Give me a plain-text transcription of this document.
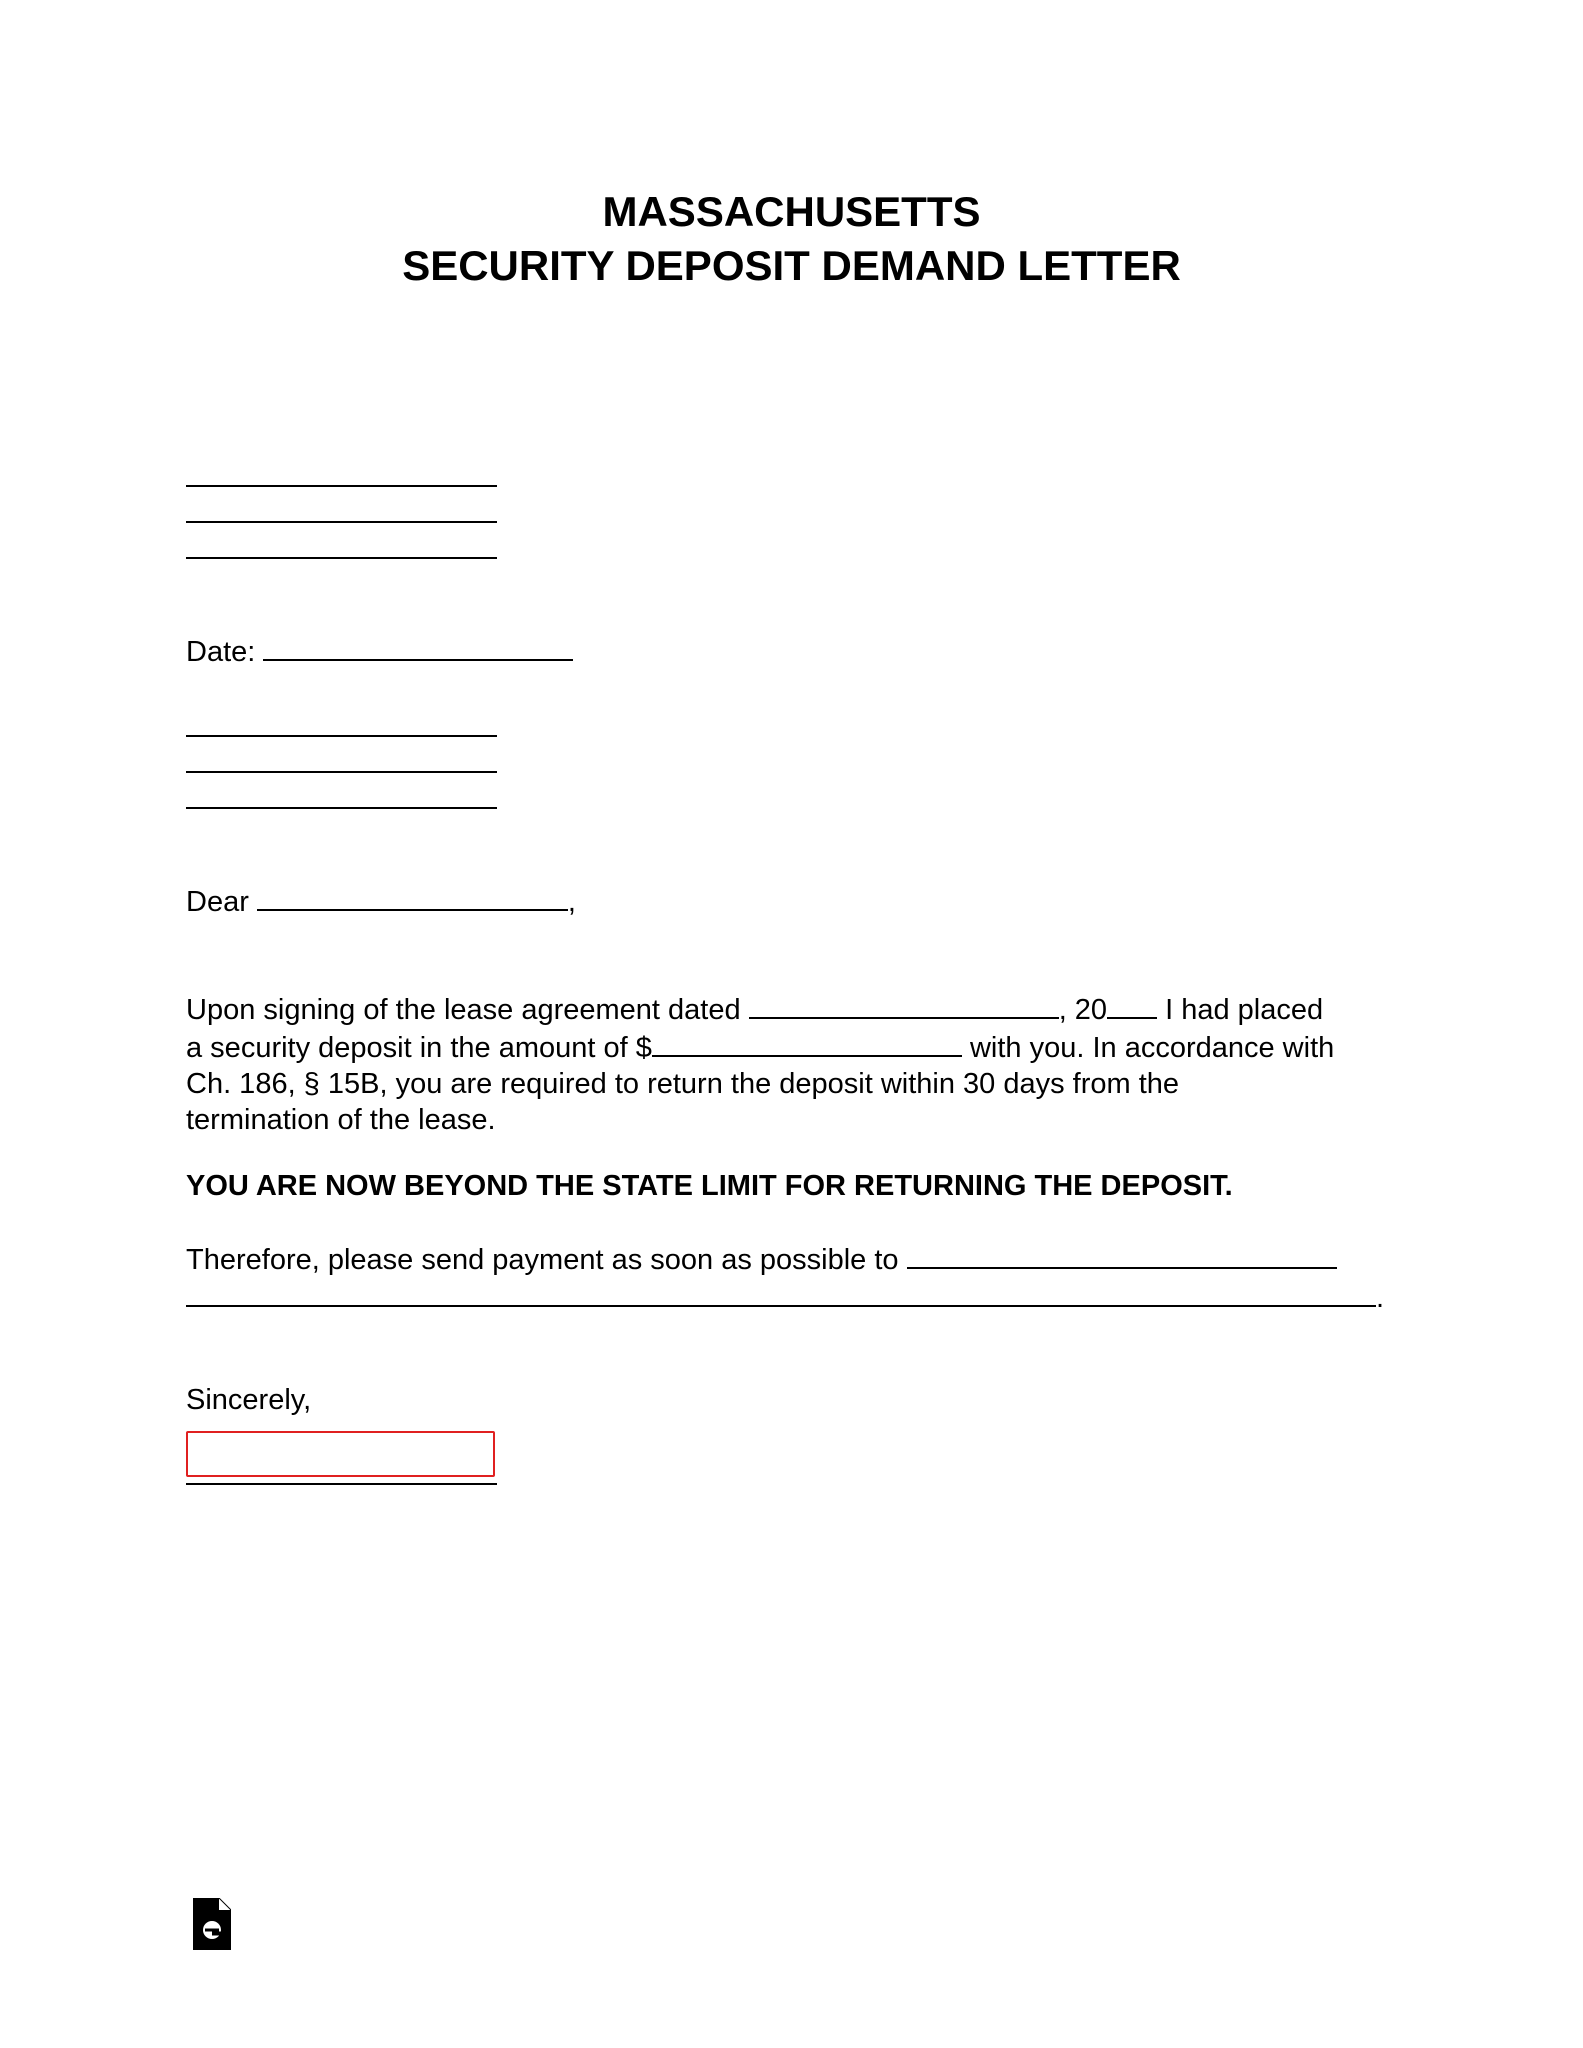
MASSACHUSETTS
SECURITY DEPOSIT DEMAND LETTER
Date:
Dear	,
Upon signing of the lease agreement dated	, 20 I had placed
a security deposit in the amount of $	with you. In accordance with
Ch. 186, § 15B, you are required to return the deposit within 30 days from the
termination of the lease.
YOU ARE NOW BEYOND THE STATE LIMIT FOR RETURNING THE DEPOSIT.
Therefore, please send payment as soon as possible to
.
Sincerely,
